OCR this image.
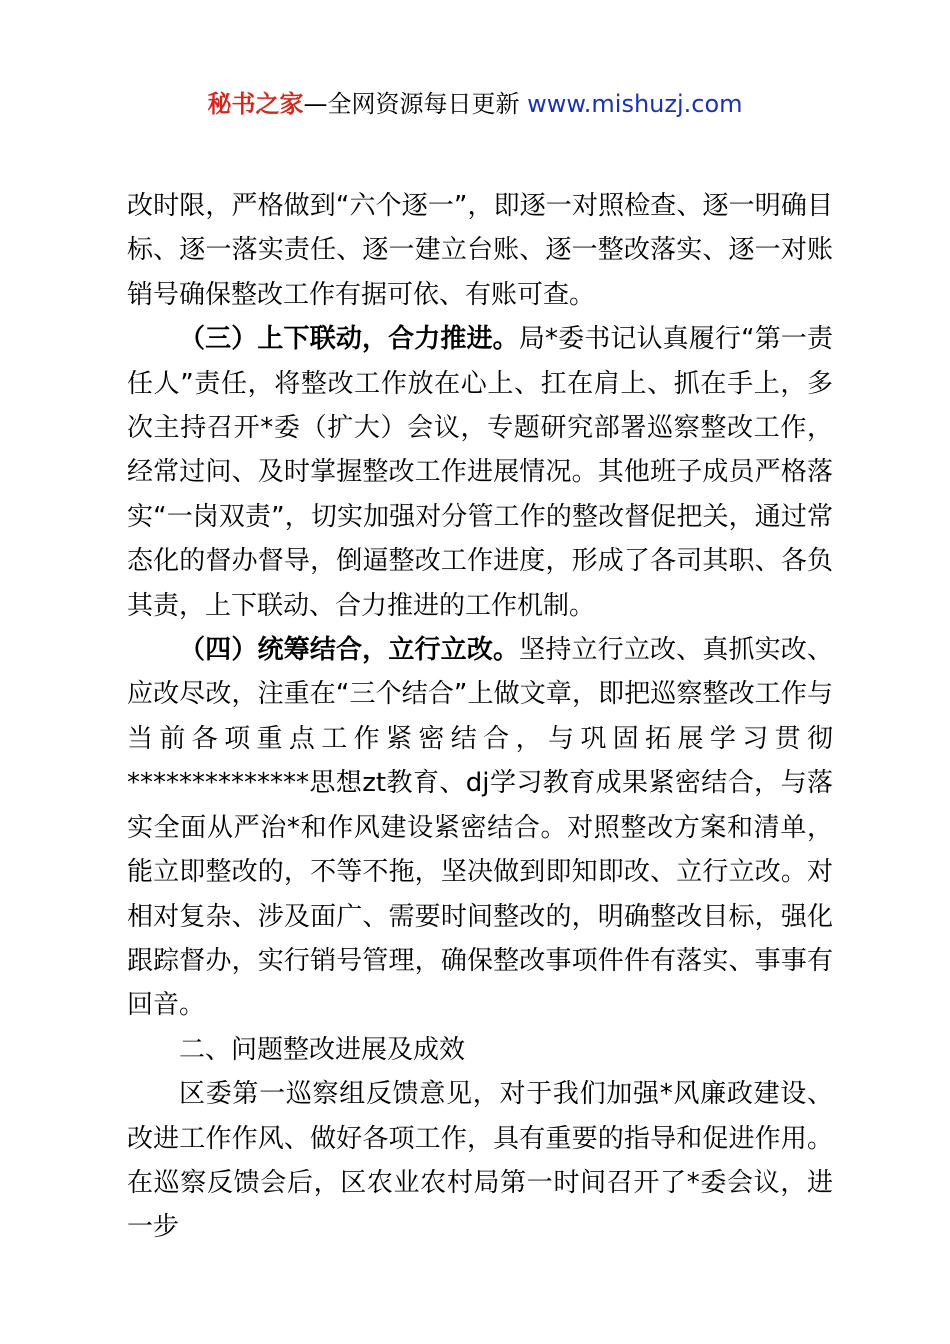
秘书之家—全网资源每日更新 www.mishuzj.com

改时限，严格做到“六个逐一”，即逐一对照检查、逐一明确目标、逐一落实责任、逐一建立台账、逐一整改落实、逐一对账销号确保整改工作有据可依、有账可查。

（三）上下联动，合力推进。局*委书记认真履行“第一责任人”责任，将整改工作放在心上、扛在肩上、抓在手上，多次主持召开*委（扩大）会议，专题研究部署巡察整改工作，经常过问、及时掌握整改工作进展情况。其他班子成员严格落实“一岗双责”，切实加强对分管工作的整改督促把关，通过常态化的督办督导，倒逼整改工作进度，形成了各司其职、各负其责，上下联动、合力推进的工作机制。

（四）统筹结合，立行立改。坚持立行立改、真抓实改、应改尽改，注重在“三个结合”上做文章，即把巡察整改工作与当前各项重点工作紧密结合，与巩固拓展学习贯彻**************思想zt教育、dj学习教育成果紧密结合，与落实全面从严治*和作风建设紧密结合。对照整改方案和清单，能立即整改的，不等不拖，坚决做到即知即改、立行立改。对相对复杂、涉及面广、需要时间整改的，明确整改目标，强化跟踪督办，实行销号管理，确保整改事项件件有落实、事事有回音。

二、问题整改进展及成效

区委第一巡察组反馈意见，对于我们加强*风廉政建设、改进工作作风、做好各项工作，具有重要的指导和促进作用。在巡察反馈会后，区农业农村局第一时间召开了*委会议，进一步
